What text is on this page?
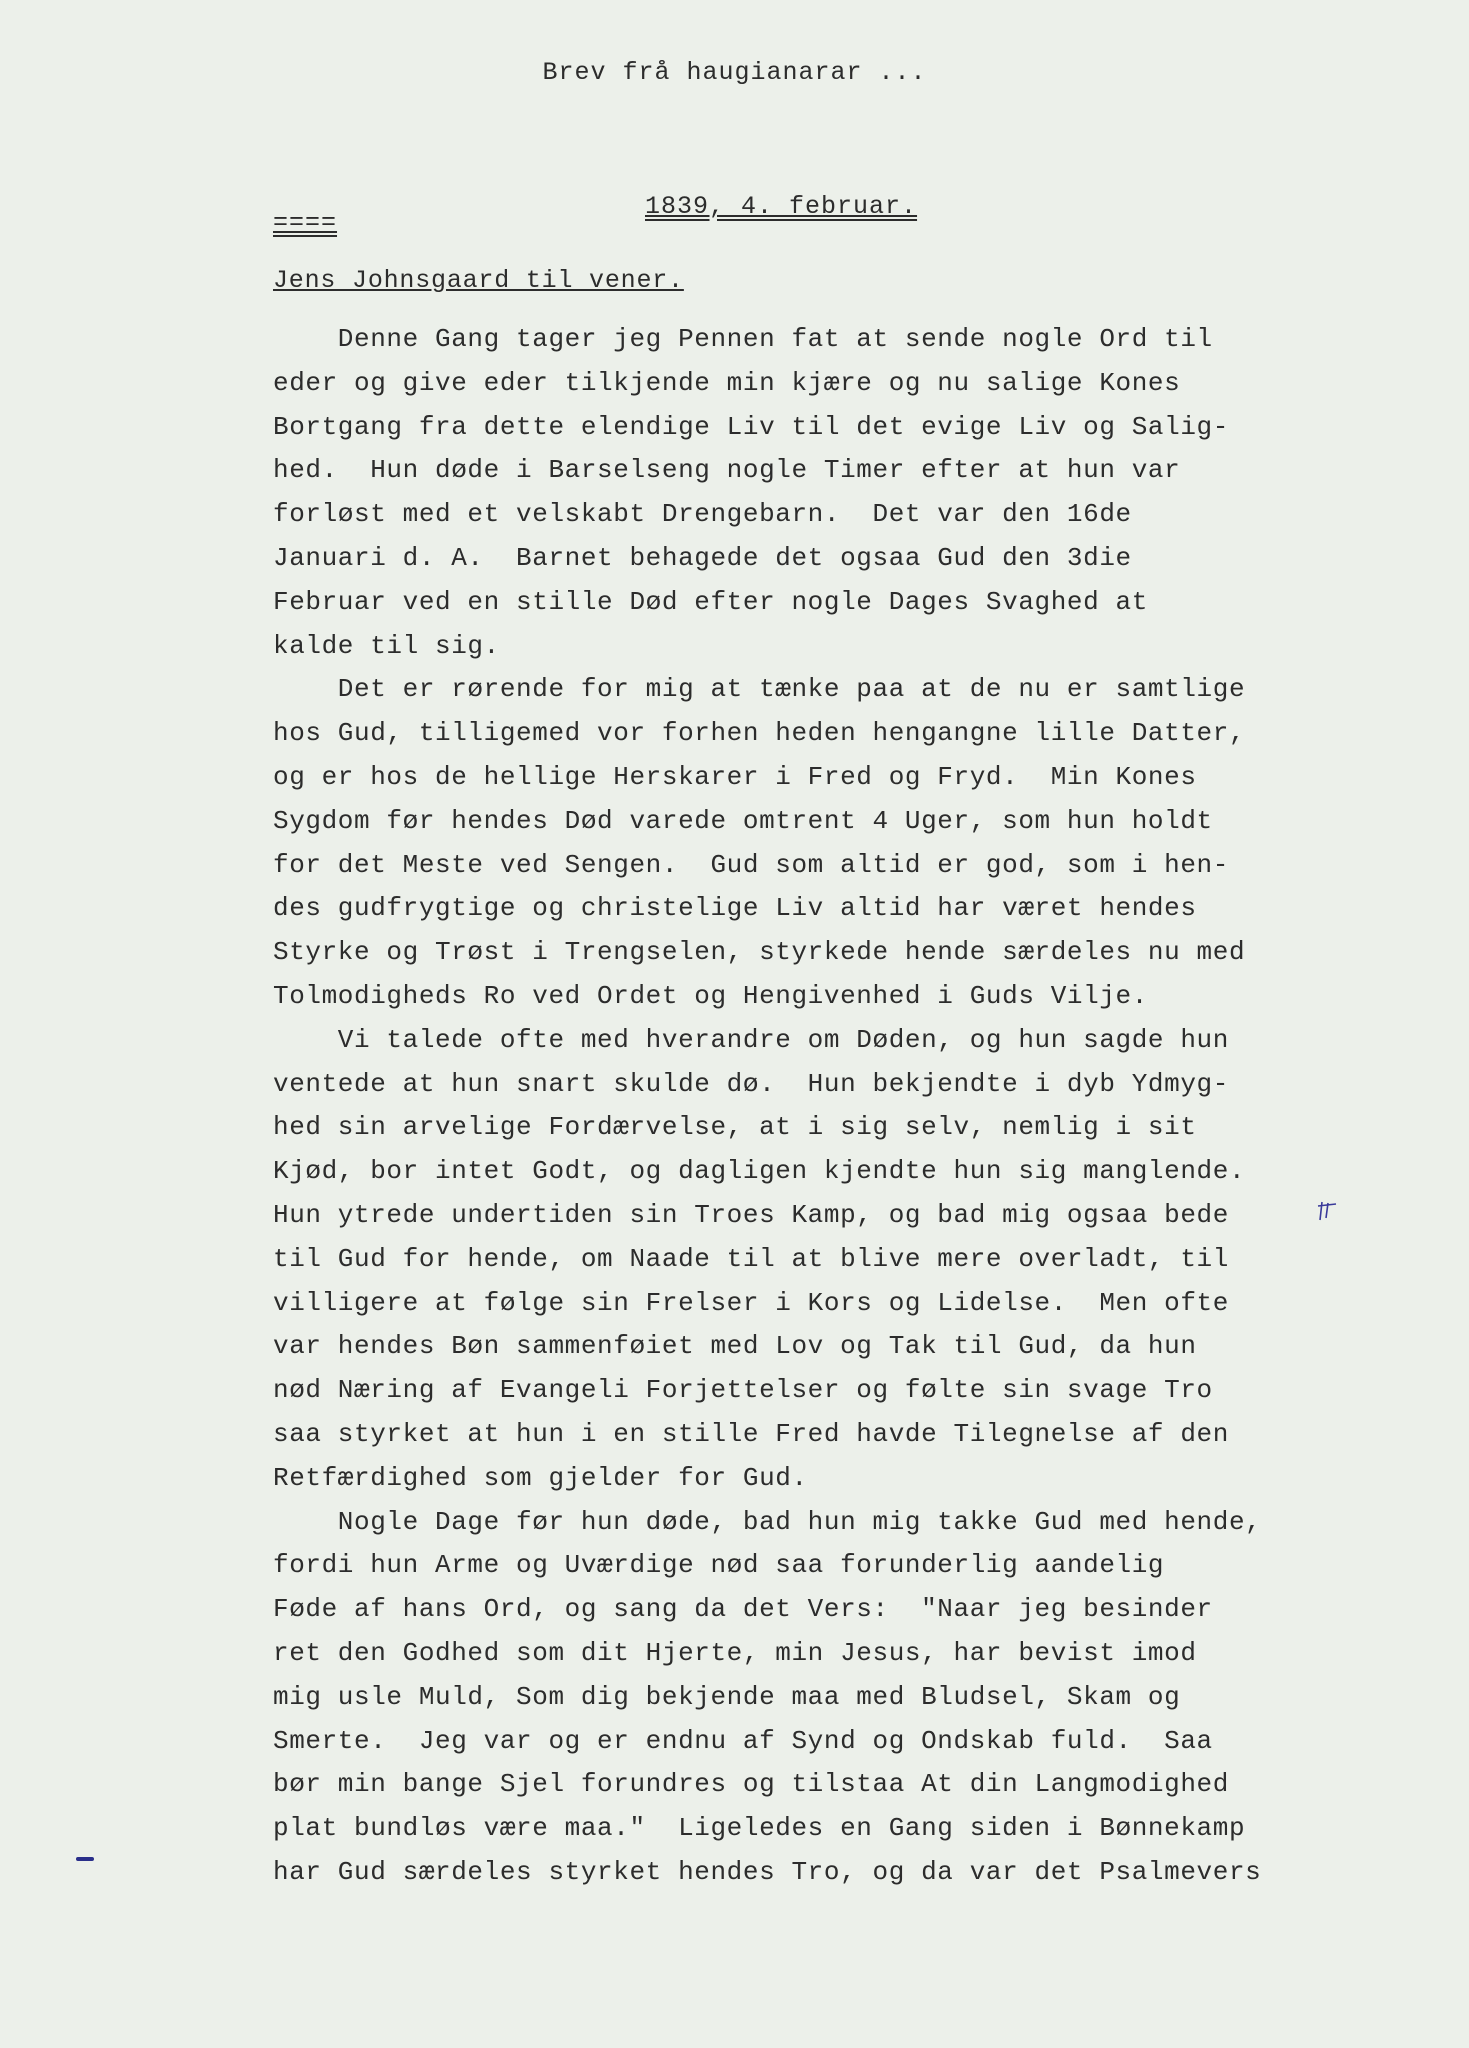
Brev frå haugianarar ...
====
1839, 4. februar.
Jens Johnsgaard til vener.
Denne Gang tager jeg Pennen fat at sende nogle Ord til
eder og give eder tilkjende min kjære og nu salige Kones
Bortgang fra dette elendige Liv til det evige Liv og Salig-
hed.  Hun døde i Barselseng nogle Timer efter at hun var
forløst med et velskabt Drengebarn.  Det var den 16de
Januari d. A.  Barnet behagede det ogsaa Gud den 3die
Februar ved en stille Død efter nogle Dages Svaghed at
kalde til sig.
Det er rørende for mig at tænke paa at de nu er samtlige
hos Gud, tilligemed vor forhen heden hengangne lille Datter,
og er hos de hellige Herskarer i Fred og Fryd.  Min Kones
Sygdom før hendes Død varede omtrent 4 Uger, som hun holdt
for det Meste ved Sengen.  Gud som altid er god, som i hen-
des gudfrygtige og christelige Liv altid har været hendes
Styrke og Trøst i Trengselen, styrkede hende særdeles nu med
Tolmodigheds Ro ved Ordet og Hengivenhed i Guds Vilje.
Vi talede ofte med hverandre om Døden, og hun sagde hun
ventede at hun snart skulde dø.  Hun bekjendte i dyb Ydmyg-
hed sin arvelige Fordærvelse, at i sig selv, nemlig i sit
Kjød, bor intet Godt, og dagligen kjendte hun sig manglende.
Hun ytrede undertiden sin Troes Kamp, og bad mig ogsaa bede
til Gud for hende, om Naade til at blive mere overladt, til
villigere at følge sin Frelser i Kors og Lidelse.  Men ofte
var hendes Bøn sammenføiet med Lov og Tak til Gud, da hun
nød Næring af Evangeli Forjettelser og følte sin svage Tro
saa styrket at hun i en stille Fred havde Tilegnelse af den
Retfærdighed som gjelder for Gud.
Nogle Dage før hun døde, bad hun mig takke Gud med hende,
fordi hun Arme og Uværdige nød saa forunderlig aandelig
Føde af hans Ord, og sang da det Vers:  "Naar jeg besinder
ret den Godhed som dit Hjerte, min Jesus, har bevist imod
mig usle Muld, Som dig bekjende maa med Bludsel, Skam og
Smerte.  Jeg var og er endnu af Synd og Ondskab fuld.  Saa
bør min bange Sjel forundres og tilstaa At din Langmodighed
plat bundløs være maa."  Ligeledes en Gang siden i Bønnekamp
har Gud særdeles styrket hendes Tro, og da var det Psalmevers
